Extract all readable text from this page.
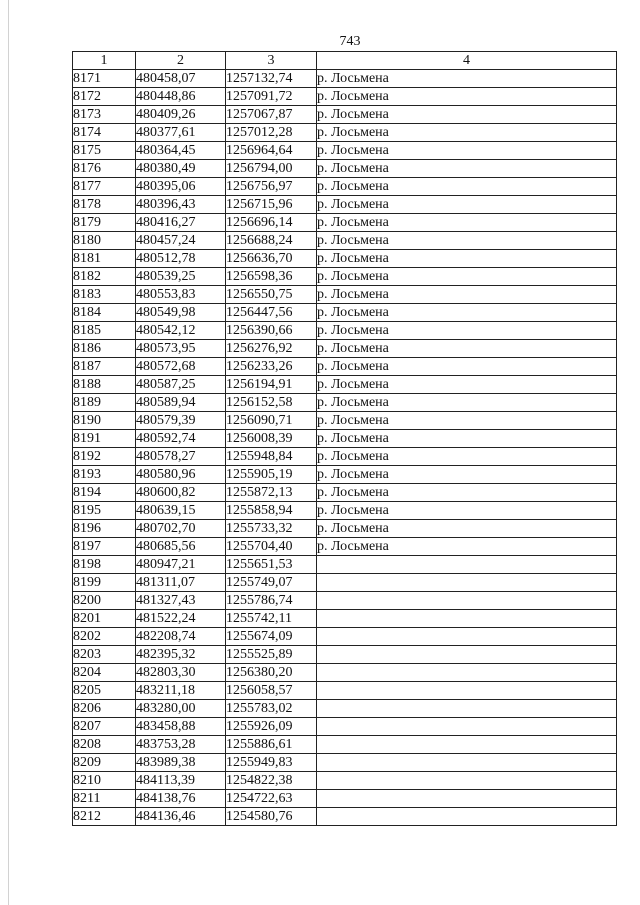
743
1	2	3	4
8171	480458,07	1257132,74	р. Лосьмена
8172	480448,86	1257091,72	р. Лосьмена
8173	480409,26	1257067,87	р. Лосьмена
8174	480377,61	1257012,28	р. Лосьмена
8175	480364,45	1256964,64	р. Лосьмена
8176	480380,49	1256794,00	р. Лосьмена
8177	480395,06	1256756,97	р. Лосьмена
8178	480396,43	1256715,96	р. Лосьмена
8179	480416,27	1256696,14	р. Лосьмена
8180	480457,24	1256688,24	р. Лосьмена
8181	480512,78	1256636,70	р. Лосьмена
8182	480539,25	1256598,36	р. Лосьмена
8183	480553,83	1256550,75	р. Лосьмена
8184	480549,98	1256447,56	р. Лосьмена
8185	480542,12	1256390,66	р. Лосьмена
8186	480573,95	1256276,92	р. Лосьмена
8187	480572,68	1256233,26	р. Лосьмена
8188	480587,25	1256194,91	р. Лосьмена
8189	480589,94	1256152,58	р. Лосьмена
8190	480579,39	1256090,71	р. Лосьмена
8191	480592,74	1256008,39	р. Лосьмена
8192	480578,27	1255948,84	р. Лосьмена
8193	480580,96	1255905,19	р. Лосьмена
8194	480600,82	1255872,13	р. Лосьмена
8195	480639,15	1255858,94	р. Лосьмена
8196	480702,70	1255733,32	р. Лосьмена
8197	480685,56	1255704,40	р. Лосьмена
8198	480947,21	1255651,53	
8199	481311,07	1255749,07	
8200	481327,43	1255786,74	
8201	481522,24	1255742,11	
8202	482208,74	1255674,09	
8203	482395,32	1255525,89	
8204	482803,30	1256380,20	
8205	483211,18	1256058,57	
8206	483280,00	1255783,02	
8207	483458,88	1255926,09	
8208	483753,28	1255886,61	
8209	483989,38	1255949,83	
8210	484113,39	1254822,38	
8211	484138,76	1254722,63	
8212	484136,46	1254580,76	
